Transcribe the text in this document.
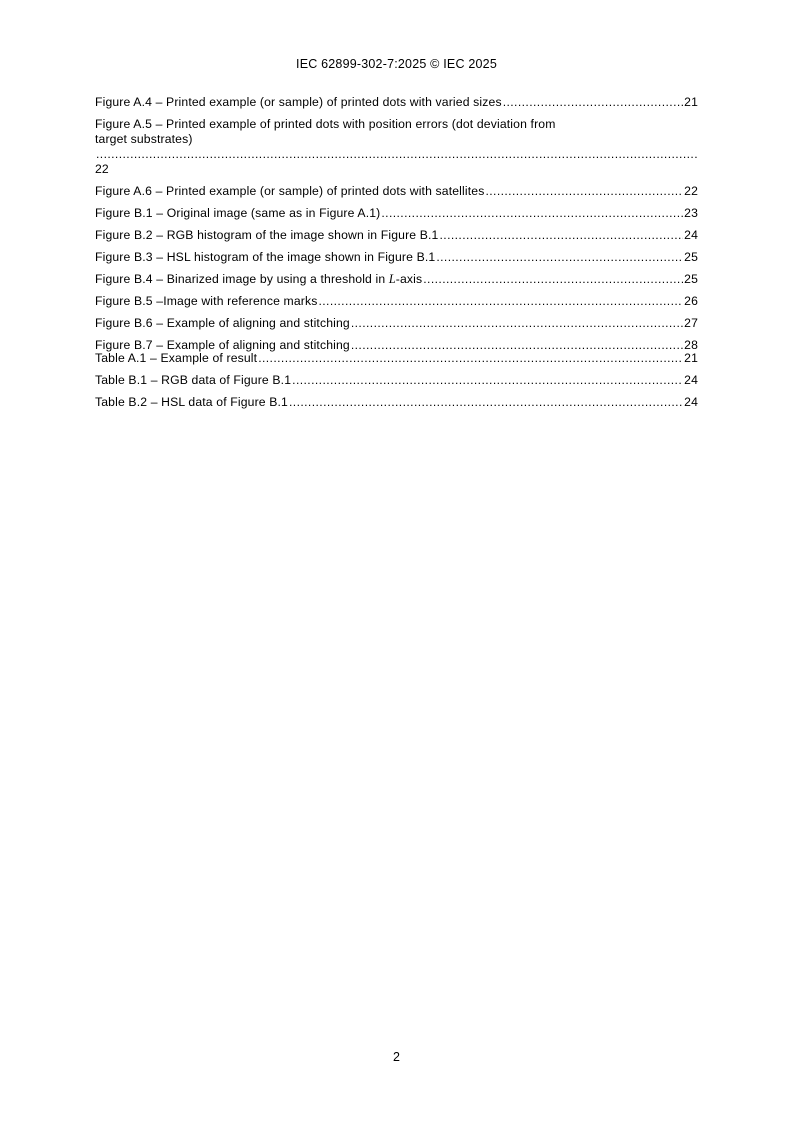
IEC 62899-302-7:2025 © IEC 2025
Figure A.4 – Printed example (or sample) of printed dots with varied sizes .....	21
Figure A.5 – Printed example of printed dots with position errors (dot deviation from
target substrates)
.....
22
Figure A.6 – Printed example (or sample) of printed dots with satellites .....	22
Figure B.1 – Original image (same as in Figure A.1) .....	23
Figure B.2 – RGB histogram of the image shown in Figure B.1 .....	24
Figure B.3 – HSL histogram of the image shown in Figure B.1 .....	25
Figure B.4 – Binarized image by using a threshold in L-axis .....	25
Figure B.5 –Image with reference marks .....	26
Figure B.6 – Example of aligning and stitching .....	27
Figure B.7 – Example of aligning and stitching .....	28
Table A.1 – Example of result .....	21
Table B.1 – RGB data of Figure B.1 .....	24
Table B.2 – HSL data of Figure B.1 .....	24
2
